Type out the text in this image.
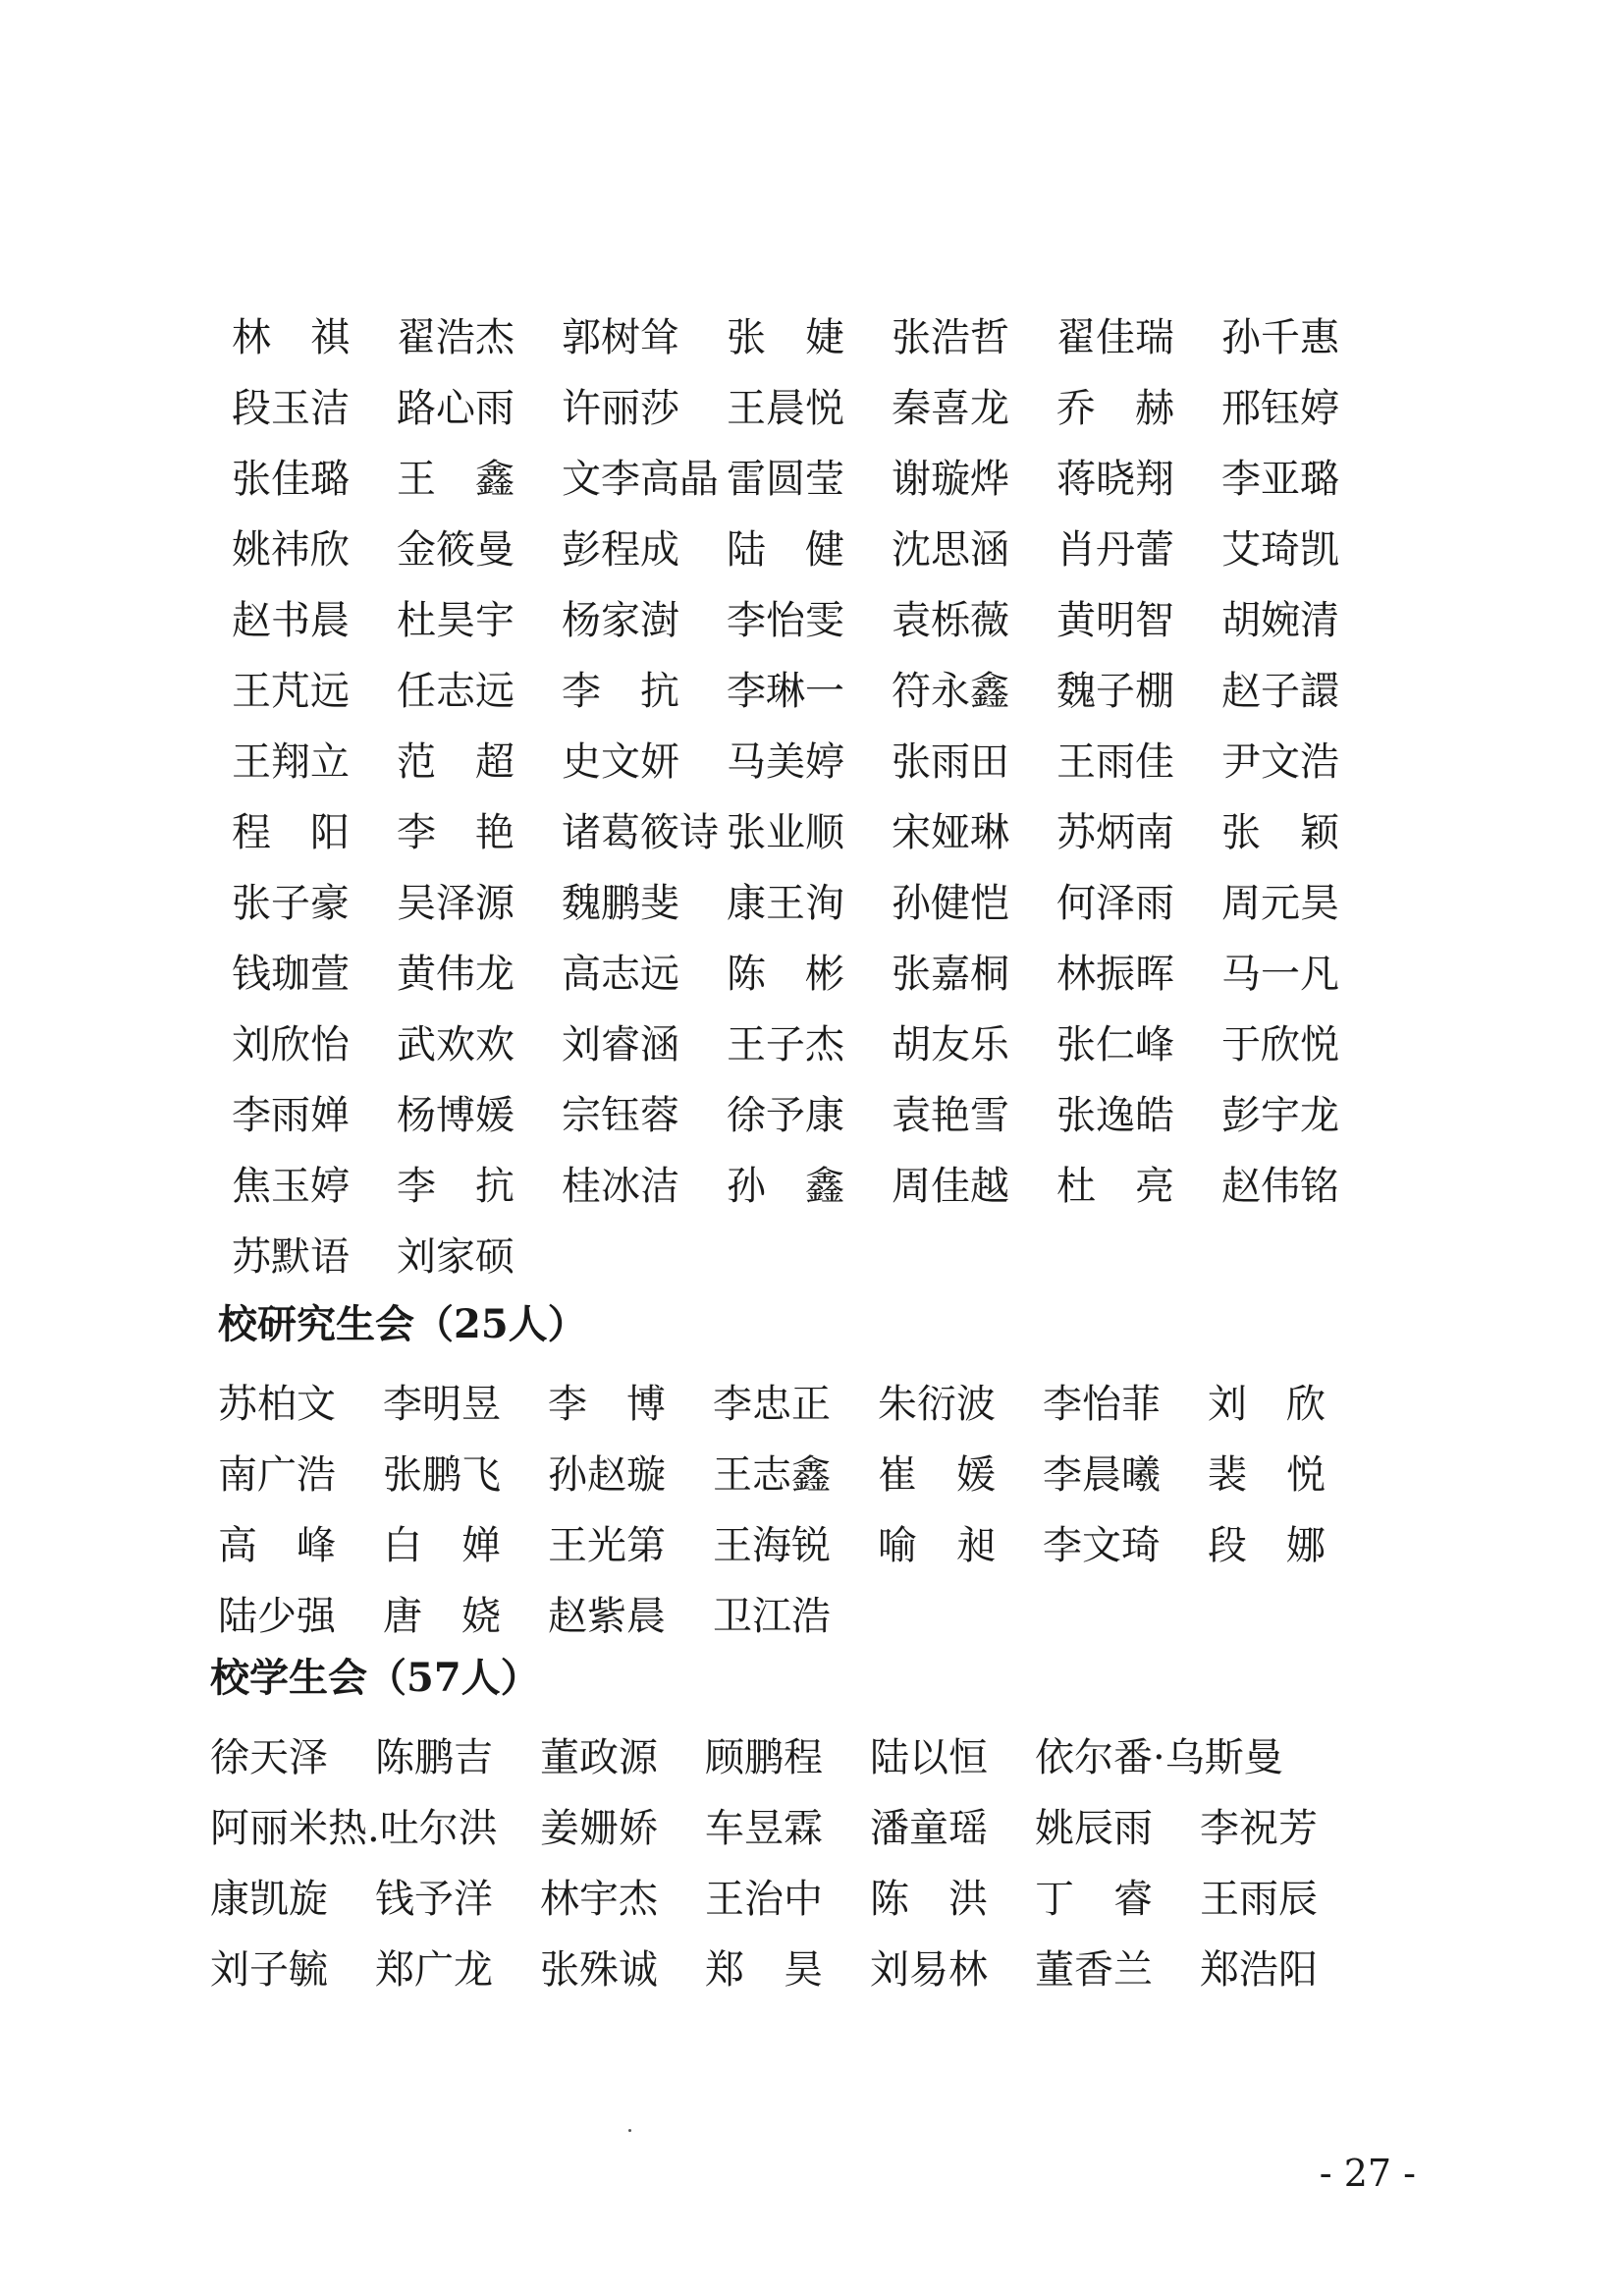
林　祺	翟浩杰	郭树耸	张　婕	张浩哲	翟佳瑞	孙千惠
段玉洁	路心雨	许丽莎	王晨悦	秦喜龙	乔　赫	邢钰婷
张佳璐	王　鑫	文李高晶 雷圆莹	谢璇烨	蒋晓翔	李亚璐
姚祎欣	金筱曼	彭程成	陆　健	沈思涵	肖丹蕾	艾琦凯
赵书晨	杜昊宇	杨家澍	李怡雯	袁栎薇	黄明智	胡婉清
王芃远	任志远	李　抗	李琳一	符永鑫	魏子棚	赵子譞
王翔立	范　超	史文妍	马美婷	张雨田	王雨佳	尹文浩
程　阳	李　艳	诸葛筱诗 张业顺	宋娅琳	苏炳南	张　颖
张子豪	吴泽源	魏鹏斐	康王洵	孙健恺	何泽雨	周元昊
钱珈萱	黄伟龙	高志远	陈　彬	张嘉桐	林振晖	马一凡
刘欣怡	武欢欢	刘睿涵	王子杰	胡友乐	张仁峰	于欣悦
李雨婵	杨博媛	宗钰蓉	徐予康	袁艳雪	张逸皓	彭宇龙
焦玉婷	李　抗	桂冰洁	孙　鑫	周佳越	杜　亮	赵伟铭
苏默语	刘家硕
校研究生会（25人）
苏柏文	李明昱	李　博	李忠正	朱衍波	李怡菲	刘　欣
南广浩	张鹏飞	孙赵璇	王志鑫	崔　媛	李晨曦	裴　悦
高　峰	白　婵	王光第	王海锐	喻　昶	李文琦	段　娜
陆少强	唐　娆	赵紫晨	卫江浩
校学生会（57人）
徐天泽	陈鹏吉	董政源	顾鹏程	陆以恒	依尔番·乌斯曼
阿丽米热.吐尔洪	姜姗娇	车昱霖	潘童瑶	姚辰雨	李祝芳
康凯旋	钱予洋	林宇杰	王治中	陈　洪	丁　睿	王雨辰
刘子毓	郑广龙	张殊诚	郑　昊	刘易林	董香兰	郑浩阳
- 27 -
